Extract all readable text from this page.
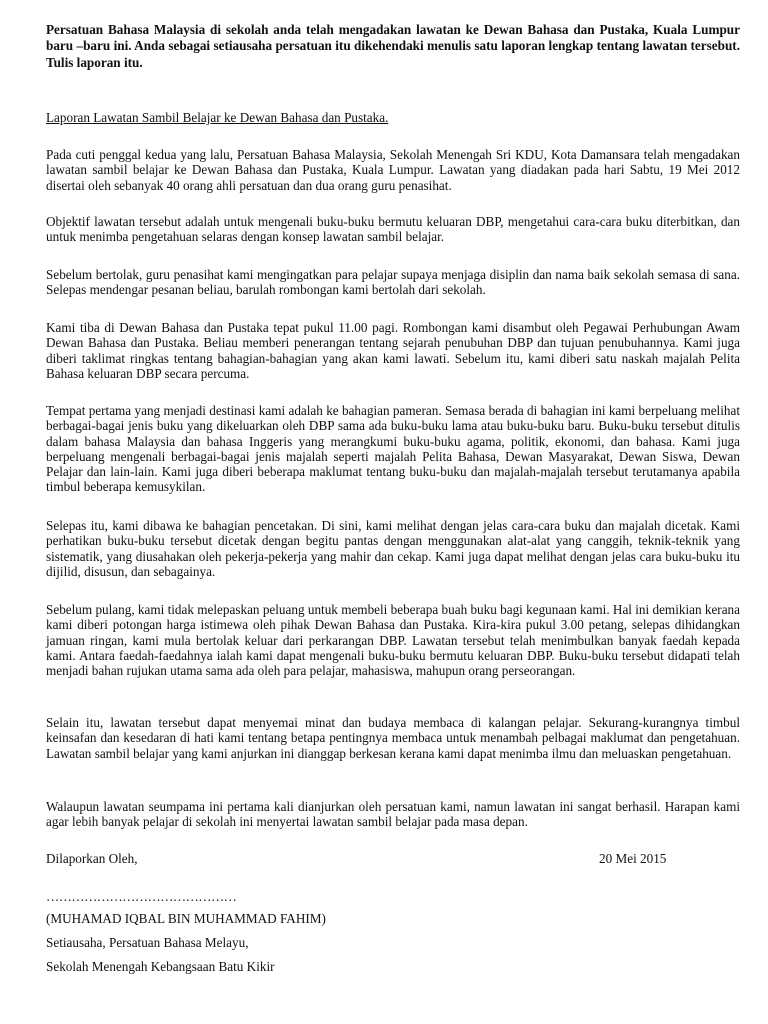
Persatuan Bahasa Malaysia di sekolah anda telah mengadakan lawatan ke Dewan Bahasa dan Pustaka, Kuala Lumpur baru –baru ini. Anda sebagai setiausaha persatuan itu dikehendaki menulis satu laporan lengkap tentang lawatan tersebut. Tulis laporan itu.

Laporan Lawatan Sambil Belajar ke Dewan Bahasa dan Pustaka.

Pada cuti penggal kedua yang lalu, Persatuan Bahasa Malaysia, Sekolah Menengah Sri KDU, Kota Damansara telah mengadakan lawatan sambil belajar ke Dewan Bahasa dan Pustaka, Kuala Lumpur. Lawatan yang diadakan pada hari Sabtu, 19 Mei 2012 disertai oleh sebanyak 40 orang ahli persatuan dan dua orang guru penasihat.

Objektif lawatan tersebut adalah untuk mengenali buku-buku bermutu keluaran DBP, mengetahui cara-cara buku diterbitkan, dan untuk menimba pengetahuan selaras dengan konsep lawatan sambil belajar.

Sebelum bertolak, guru penasihat kami mengingatkan para pelajar supaya menjaga disiplin dan nama baik sekolah semasa di sana. Selepas mendengar pesanan beliau, barulah rombongan kami bertolah dari sekolah.

Kami tiba di Dewan Bahasa dan Pustaka tepat pukul 11.00 pagi. Rombongan kami disambut oleh Pegawai Perhubungan Awam Dewan Bahasa dan Pustaka. Beliau memberi penerangan tentang sejarah penubuhan DBP dan tujuan penubuhannya. Kami juga diberi taklimat ringkas tentang bahagian-bahagian yang akan kami lawati. Sebelum itu, kami diberi satu naskah majalah Pelita Bahasa keluaran DBP secara percuma.

Tempat pertama yang menjadi destinasi kami adalah ke bahagian pameran. Semasa berada di bahagian ini kami berpeluang melihat berbagai-bagai jenis buku yang dikeluarkan oleh DBP sama ada buku-buku lama atau buku-buku baru. Buku-buku tersebut ditulis dalam bahasa Malaysia dan bahasa Inggeris yang merangkumi buku-buku agama, politik, ekonomi, dan bahasa. Kami juga berpeluang mengenali berbagai-bagai jenis majalah seperti majalah Pelita Bahasa, Dewan Masyarakat, Dewan Siswa, Dewan Pelajar dan lain-lain. Kami juga diberi beberapa maklumat tentang buku-buku dan majalah-majalah tersebut terutamanya apabila timbul beberapa kemusykilan.

Selepas itu, kami dibawa ke bahagian pencetakan. Di sini, kami melihat dengan jelas cara-cara buku dan majalah dicetak. Kami perhatikan buku-buku tersebut dicetak dengan begitu pantas dengan menggunakan alat-alat yang canggih, teknik-teknik yang sistematik, yang diusahakan oleh pekerja-pekerja yang mahir dan cekap. Kami juga dapat melihat dengan jelas cara buku-buku itu dijilid, disusun, dan sebagainya.

Sebelum pulang, kami tidak melepaskan peluang untuk membeli beberapa buah buku bagi kegunaan kami. Hal ini demikian kerana kami diberi potongan harga istimewa oleh pihak Dewan Bahasa dan Pustaka. Kira-kira pukul 3.00 petang, selepas dihidangkan jamuan ringan, kami mula bertolak keluar dari perkarangan DBP. Lawatan tersebut telah menimbulkan banyak faedah kepada kami. Antara faedah-faedahnya ialah kami dapat mengenali buku-buku bermutu keluaran DBP. Buku-buku tersebut didapati telah menjadi bahan rujukan utama sama ada oleh para pelajar, mahasiswa, mahupun orang perseorangan.

Selain itu, lawatan tersebut dapat menyemai minat dan budaya membaca di kalangan pelajar. Sekurang-kurangnya timbul keinsafan dan kesedaran di hati kami tentang betapa pentingnya membaca untuk menambah pelbagai maklumat dan pengetahuan. Lawatan sambil belajar yang kami anjurkan ini dianggap berkesan kerana kami dapat menimba ilmu dan meluaskan pengetahuan.

Walaupun lawatan seumpama ini pertama kali dianjurkan oleh persatuan kami, namun lawatan ini sangat berhasil. Harapan kami agar lebih banyak pelajar di sekolah ini menyertai lawatan sambil belajar pada masa depan.

Dilaporkan Oleh,	20 Mei 2015

………………………………………

(MUHAMAD IQBAL BIN MUHAMMAD FAHIM)

Setiausaha, Persatuan Bahasa Melayu,

Sekolah Menengah Kebangsaan Batu Kikir
